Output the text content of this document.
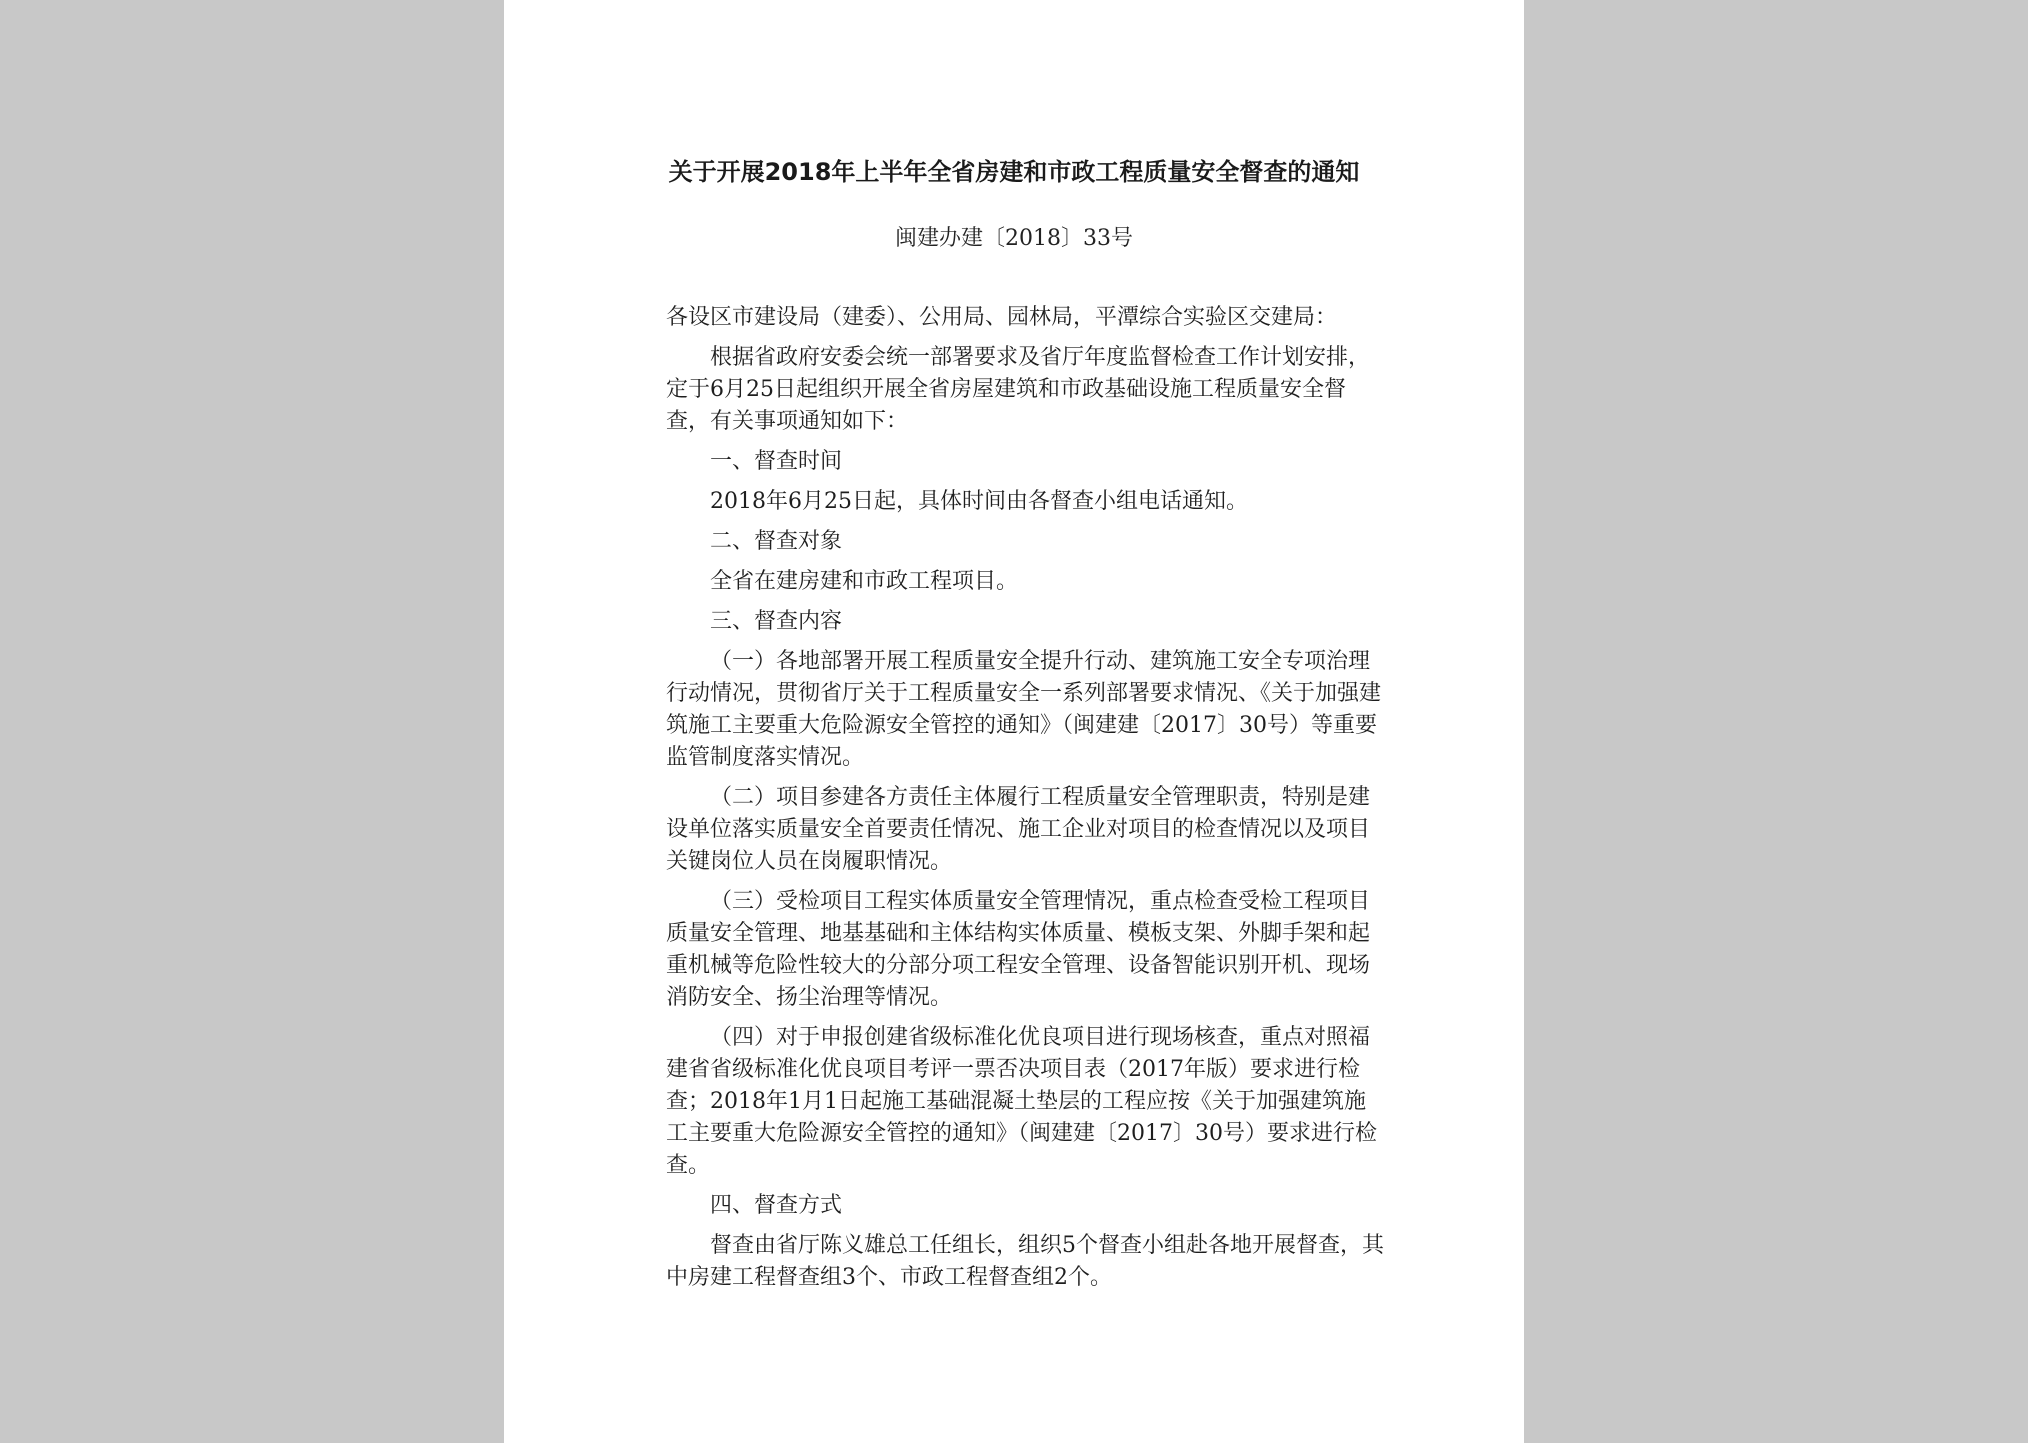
关于开展2018年上半年全省房建和市政工程质量安全督查的通知
闽建办建〔2018〕33号

各设区市建设局（建委）、公用局、园林局，平潭综合实验区交建局：

根据省政府安委会统一部署要求及省厅年度监督检查工作计划安排，定于6月25日起组织开展全省房屋建筑和市政基础设施工程质量安全督查，有关事项通知如下：

一、督查时间

2018年6月25日起，具体时间由各督查小组电话通知。

二、督查对象

全省在建房建和市政工程项目。

三、督查内容

（一）各地部署开展工程质量安全提升行动、建筑施工安全专项治理行动情况，贯彻省厅关于工程质量安全一系列部署要求情况、《关于加强建筑施工主要重大危险源安全管控的通知》（闽建建〔2017〕30号）等重要监管制度落实情况。

（二）项目参建各方责任主体履行工程质量安全管理职责，特别是建设单位落实质量安全首要责任情况、施工企业对项目的检查情况以及项目关键岗位人员在岗履职情况。

（三）受检项目工程实体质量安全管理情况，重点检查受检工程项目质量安全管理、地基基础和主体结构实体质量、模板支架、外脚手架和起重机械等危险性较大的分部分项工程安全管理、设备智能识别开机、现场消防安全、扬尘治理等情况。

（四）对于申报创建省级标准化优良项目进行现场核查，重点对照福建省省级标准化优良项目考评一票否决项目表（2017年版）要求进行检查；2018年1月1日起施工基础混凝土垫层的工程应按《关于加强建筑施工主要重大危险源安全管控的通知》（闽建建〔2017〕30号）要求进行检查。

四、督查方式

督查由省厅陈义雄总工任组长，组织5个督查小组赴各地开展督查，其中房建工程督查组3个、市政工程督查组2个。
